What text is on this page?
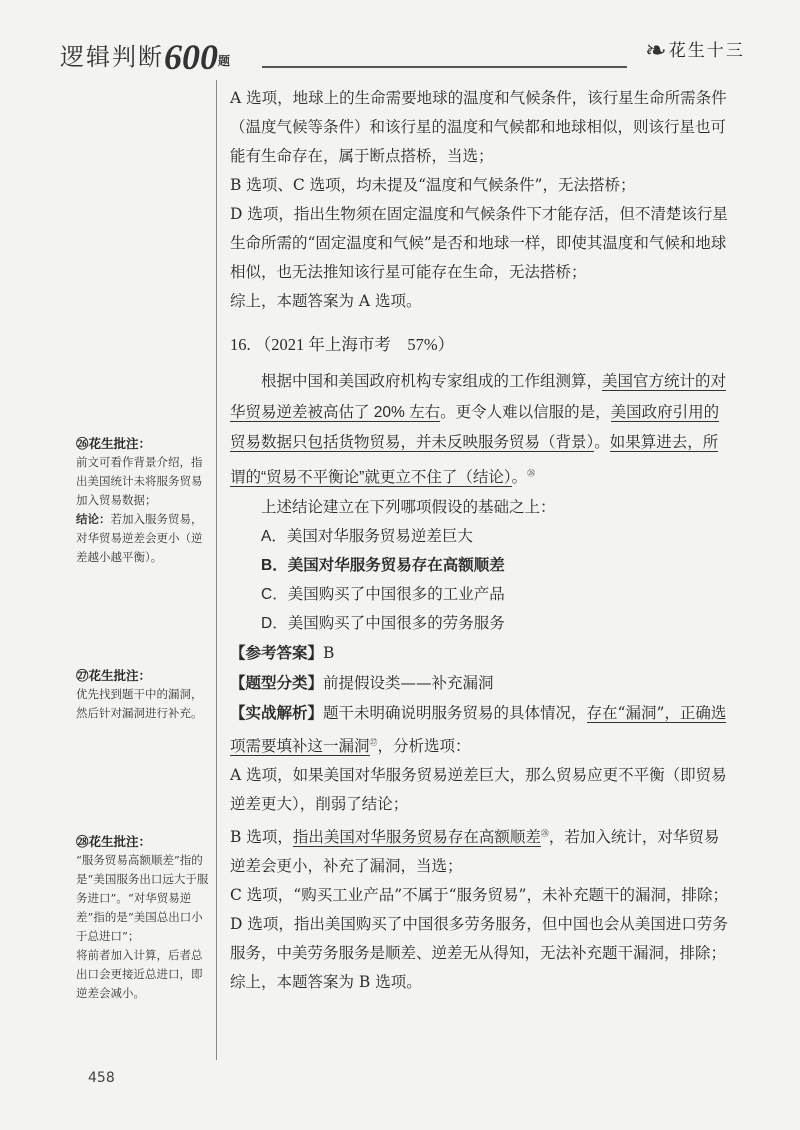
逻辑判断600题	❧花生十三
㉖花生批注：

前文可看作背景介绍，指出美国统计未将服务贸易加入贸易数据；

结论：若加入服务贸易，对华贸易逆差会更小（逆差越小越平衡）。

㉗花生批注：

优先找到题干中的漏洞，然后针对漏洞进行补充。

㉘花生批注：

“服务贸易高额顺差”指的是“美国服务出口远大于服务进口”。“对华贸易逆差”指的是“美国总出口小于总进口”；

将前者加入计算，后者总出口会更接近总进口，即逆差会减小。

A 选项，地球上的生命需要地球的温度和气候条件，该行星生命所需条件（温度气候等条件）和该行星的温度和气候都和地球相似，则该行星也可能有生命存在，属于断点搭桥，当选；

B 选项、C 选项，均未提及“温度和气候条件”，无法搭桥；

D 选项，指出生物须在固定温度和气候条件下才能存活，但不清楚该行星生命所需的“固定温度和气候”是否和地球一样，即使其温度和气候和地球相似，也无法推知该行星可能存在生命，无法搭桥；

综上，本题答案为 A 选项。

16. （2021 年上海市考　57%）

根据中国和美国政府机构专家组成的工作组测算，美国官方统计的对华贸易逆差被高估了 20% 左右。更令人难以信服的是，美国政府引用的贸易数据只包括货物贸易，并未反映服务贸易（背景）。如果算进去，所谓的“贸易不平衡论”就更立不住了（结论）。$^㉘$

上述结论建立在下列哪项假设的基础之上：

A．美国对华服务贸易逆差巨大

B．美国对华服务贸易存在高额顺差

C．美国购买了中国很多的工业产品

D．美国购买了中国很多的劳务服务

【参考答案】B

【题型分类】前提假设类——补充漏洞

【实战解析】题干未明确说明服务贸易的具体情况，存在“漏洞”，正确选项需要填补这一漏洞$^㉗$，分析选项：

A 选项，如果美国对华服务贸易逆差巨大，那么贸易应更不平衡（即贸易逆差更大），削弱了结论；

B 选项，指出美国对华服务贸易存在高额顺差$^㉘$，若加入统计，对华贸易逆差会更小，补充了漏洞，当选；

C 选项，“购买工业产品”不属于“服务贸易”，未补充题干的漏洞，排除；

D 选项，指出美国购买了中国很多劳务服务，但中国也会从美国进口劳务服务，中美劳务服务是顺差、逆差无从得知，无法补充题干漏洞，排除；

综上，本题答案为 B 选项。

458
